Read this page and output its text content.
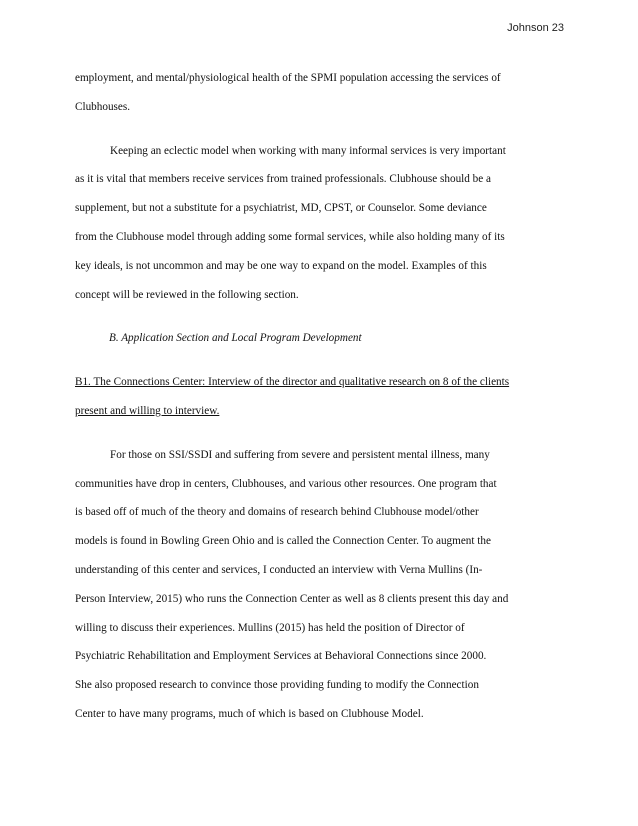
Johnson 23
employment, and mental/physiological health of the SPMI population accessing the services of
Clubhouses.
Keeping an eclectic model when working with many informal services is very important
as it is vital that members receive services from trained professionals. Clubhouse should be a
supplement, but not a substitute for a psychiatrist, MD, CPST, or Counselor. Some deviance
from the Clubhouse model through adding some formal services, while also holding many of its
key ideals, is not uncommon and may be one way to expand on the model. Examples of this
concept will be reviewed in the following section.
B. Application Section and Local Program Development
B1. The Connections Center: Interview of the director and qualitative research on 8 of the clients
present and willing to interview.
For those on SSI/SSDI and suffering from severe and persistent mental illness, many
communities have drop in centers, Clubhouses, and various other resources. One program that
is based off of much of the theory and domains of research behind Clubhouse model/other
models is found in Bowling Green Ohio and is called the Connection Center. To augment the
understanding of this center and services, I conducted an interview with Verna Mullins (In-
Person Interview, 2015) who runs the Connection Center as well as 8 clients present this day and
willing to discuss their experiences. Mullins (2015) has held the position of Director of
Psychiatric Rehabilitation and Employment Services at Behavioral Connections since 2000.
She also proposed research to convince those providing funding to modify the Connection
Center to have many programs, much of which is based on Clubhouse Model.
